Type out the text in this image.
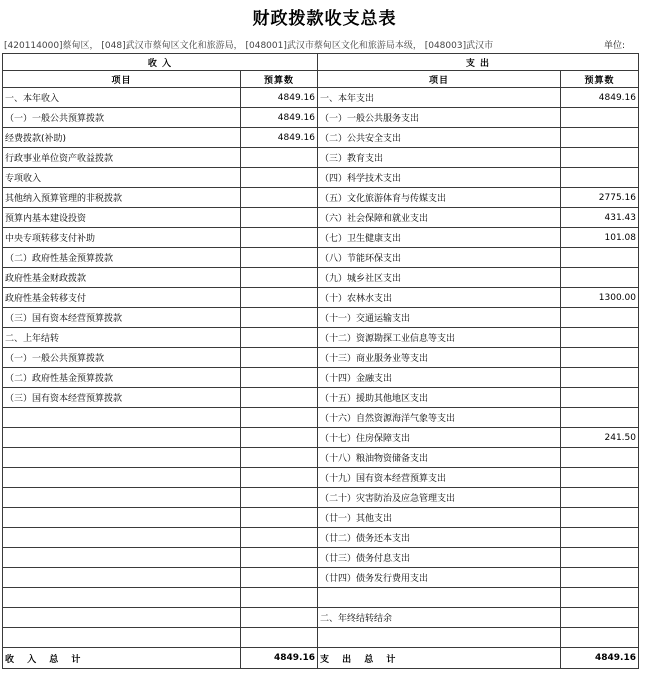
财政拨款收支总表
[420114000]蔡甸区， [048]武汉市蔡甸区文化和旅游局， [048001]武汉市蔡甸区文化和旅游局本级， [048003]武汉市	单位:
收 入		支 出	
项目	预算数	项目	预算数
一、本年收入	4849.16	一、本年支出	4849.16
（一）一般公共预算拨款	4849.16	（一）一般公共服务支出	
经费拨款(补助)	4849.16	（二）公共安全支出	
行政事业单位资产收益拨款		（三）教育支出	
专项收入		（四）科学技术支出	
其他纳入预算管理的非税拨款		（五）文化旅游体育与传媒支出	2775.16
预算内基本建设投资		（六）社会保障和就业支出	431.43
中央专项转移支付补助		（七）卫生健康支出	101.08
（二）政府性基金预算拨款		（八）节能环保支出	
政府性基金财政拨款		（九）城乡社区支出	
政府性基金转移支付		（十）农林水支出	1300.00
（三）国有资本经营预算拨款		（十一）交通运输支出	
二、上年结转		（十二）资源勘探工业信息等支出	
（一）一般公共预算拨款		（十三）商业服务业等支出	
（二）政府性基金预算拨款		（十四）金融支出	
（三）国有资本经营预算拨款		（十五）援助其他地区支出	
		（十六）自然资源海洋气象等支出	
		（十七）住房保障支出	241.50
		（十八）粮油物资储备支出	
		（十九）国有资本经营预算支出	
		（二十）灾害防治及应急管理支出	
		（廿一）其他支出	
		（廿二）债务还本支出	
		（廿三）债务付息支出	
		（廿四）债务发行费用支出	

		二、年终结转结余	

收 入 总 计	4849.16	支 出 总 计	4849.16
